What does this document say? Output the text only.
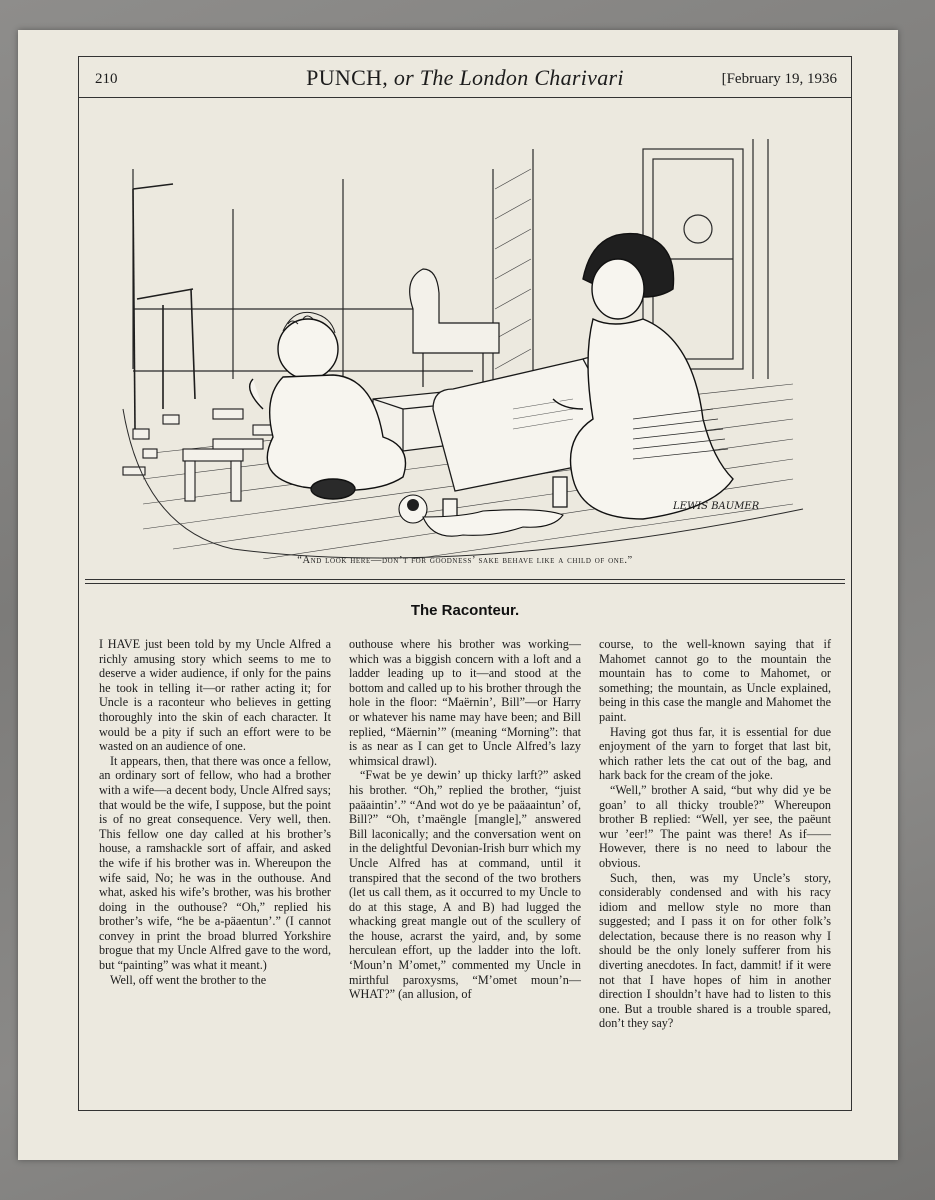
210	PUNCH, or The London Charivari	[February 19, 1936
LEWIS BAUMER
“And look here—don’t for goodness’ sake behave like a child of one.”
The Raconteur.

I HAVE just been told by my Uncle Alfred a richly amusing story which seems to me to deserve a wider audience, if only for the pains he took in telling it—or rather acting it; for Uncle is a raconteur who believes in getting thoroughly into the skin of each character. It would be a pity if such an effort were to be wasted on an audience of one.

It appears, then, that there was once a fellow, an ordinary sort of fellow, who had a brother with a wife—a decent body, Uncle Alfred says; that would be the wife, I suppose, but the point is of no great consequence. Very well, then. This fellow one day called at his brother’s house, a ramshackle sort of affair, and asked the wife if his brother was in. Whereupon the wife said, No; he was in the outhouse. And what, asked his wife’s brother, was his brother doing in the outhouse? “Oh,” replied his brother’s wife, “he be a-päaentun’.” (I cannot convey in print the broad blurred Yorkshire brogue that my Uncle Alfred gave to the word, but “painting” was what it meant.)

Well, off went the brother to the

outhouse where his brother was working—which was a biggish concern with a loft and a ladder leading up to it—and stood at the bottom and called up to his brother through the hole in the floor: “Maërnin’, Bill”—or Harry or whatever his name may have been; and Bill replied, “Mäernin’” (meaning “Morning”: that is as near as I can get to Uncle Alfred’s lazy whimsical drawl).

“Fwat be ye dewin’ up thicky larft?” asked his brother. “Oh,” replied the brother, “juist paäaintin’.” “And wot do ye be paäaaintun’ of, Bill?” “Oh, t’maëngle [mangle],” answered Bill laconically; and the conversation went on in the delightful Devonian-Irish burr which my Uncle Alfred has at command, until it transpired that the second of the two brothers (let us call them, as it occurred to my Uncle to do at this stage, A and B) had lugged the whacking great mangle out of the scullery of the house, acrarst the yaird, and, by some herculean effort, up the ladder into the loft. ‘Moun’n M’omet,” commented my Uncle in mirthful paroxysms, “M’omet moun’n—WHAT?” (an allusion, of

course, to the well-known saying that if Mahomet cannot go to the mountain the mountain has to come to Mahomet, or something; the mountain, as Uncle explained, being in this case the mangle and Mahomet the paint.

Having got thus far, it is essential for due enjoyment of the yarn to forget that last bit, which rather lets the cat out of the bag, and hark back for the cream of the joke.

“Well,” brother A said, “but why did ye be goan’ to all thicky trouble?” Whereupon brother B replied: “Well, yer see, the paëunt wur ’eer!” The paint was there! As if—— However, there is no need to labour the obvious.

Such, then, was my Uncle’s story, considerably condensed and with his racy idiom and mellow style no more than suggested; and I pass it on for other folk’s delectation, because there is no reason why I should be the only lonely sufferer from his diverting anecdotes. In fact, dammit! if it were not that I have hopes of him in another direction I shouldn’t have had to listen to this one. But a trouble shared is a trouble spared, don’t they say?
